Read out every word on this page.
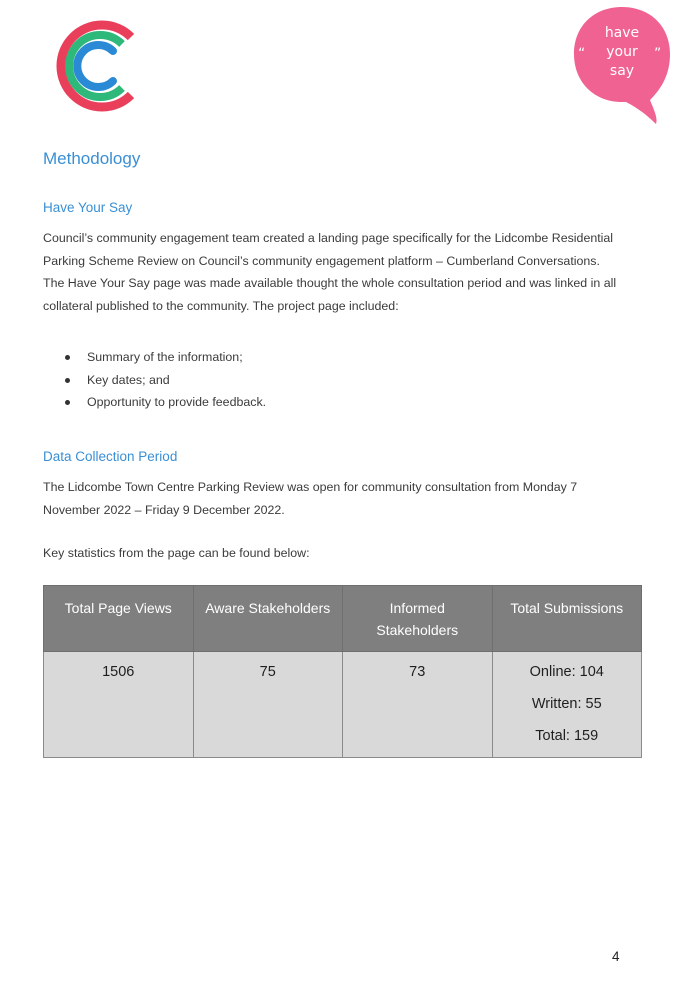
have
your
say
“	”
Methodology
Have Your Say

Council’s community engagement team created a landing page specifically for the Lidcombe Residential Parking Scheme Review on Council’s community engagement platform – Cumberland Conversations. The Have Your Say page was made available thought the whole consultation period and was linked in all collateral published to the community. The project page included:

Summary of the information;
Key dates; and
Opportunity to provide feedback.
Data Collection Period

The Lidcombe Town Centre Parking Review was open for community consultation from Monday 7 November 2022 – Friday 9 December 2022.

Key statistics from the page can be found below:

Total Page Views	Aware Stakeholders	Informed Stakeholders	Total Submissions
1506	75	73	Online: 104
Written: 55
Total: 159
4
